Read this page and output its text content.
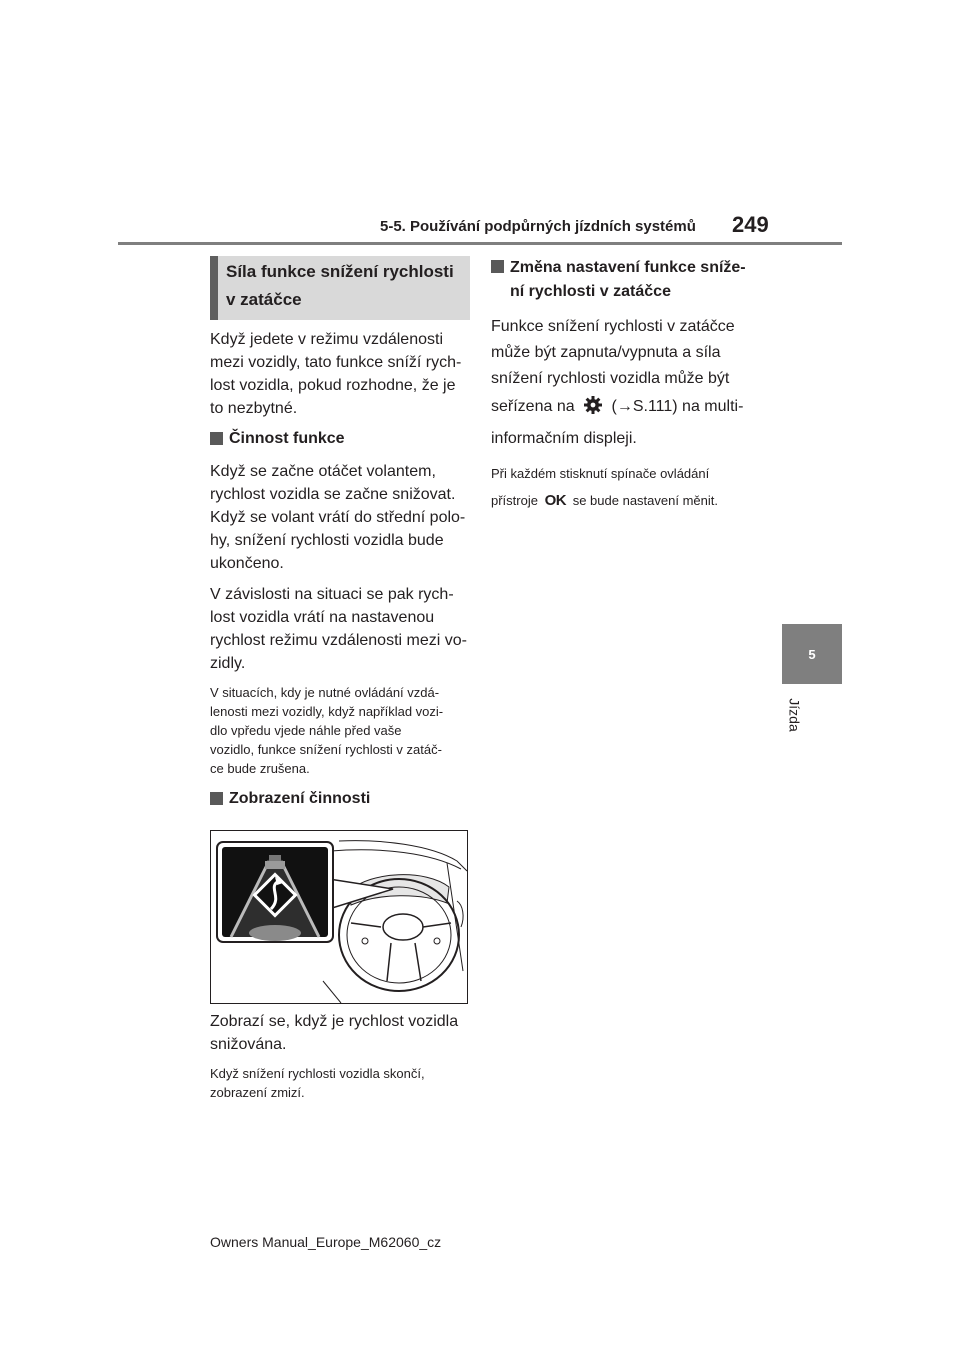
5-5. Používání podpůrných jízdních systémů 249
5
Jízda
Síla funkce snížení rychlosti
v zatáčce
Když jedete v režimu vzdálenosti
mezi vozidly, tato funkce sníží rych-
lost vozidla, pokud rozhodne, že je
to nezbytné.
Činnost funkce
Když se začne otáčet volantem,
rychlost vozidla se začne snižovat.
Když se volant vrátí do střední polo-
hy, snížení rychlosti vozidla bude
ukončeno.
V závislosti na situaci se pak rych-
lost vozidla vrátí na nastavenou
rychlost režimu vzdálenosti mezi vo-
zidly.
V situacích, kdy je nutné ovládání vzdá-
lenosti mezi vozidly, když například vozi-
dlo vpředu vjede náhle před vaše
vozidlo, funkce snížení rychlosti v zatáč-
ce bude zrušena.
Zobrazení činnosti
Zobrazí se, když je rychlost vozidla
snižována.
Když snížení rychlosti vozidla skončí,
zobrazení zmizí.
Změna nastavení funkce sníže-
ní rychlosti v zatáčce
Funkce snížení rychlosti v zatáčce
může být zapnuta/vypnuta a síla
snížení rychlosti vozidla může být
seřízena na (→S.111) na multi-
informačním displeji.
Při každém stisknutí spínače ovládání
přístroje OK se bude nastavení měnit.
Owners Manual_Europe_M62060_cz
